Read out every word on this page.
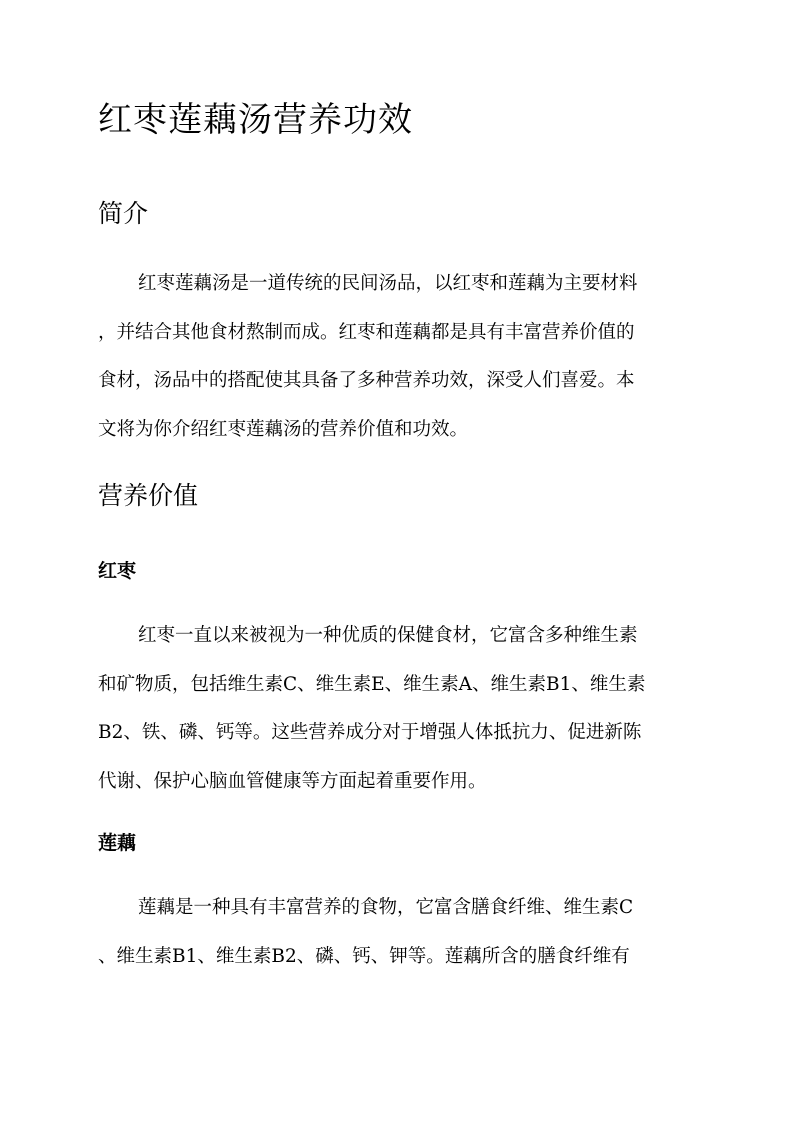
红枣莲藕汤营养功效
简介
红枣莲藕汤是一道传统的民间汤品，以红枣和莲藕为主要材料
，并结合其他食材熬制而成。红枣和莲藕都是具有丰富营养价值的
食材，汤品中的搭配使其具备了多种营养功效，深受人们喜爱。本
文将为你介绍红枣莲藕汤的营养价值和功效。
营养价值
红枣
红枣一直以来被视为一种优质的保健食材，它富含多种维生素
和矿物质，包括维生素C、维生素E、维生素A、维生素B1、维生素
B2、铁、磷、钙等。这些营养成分对于增强人体抵抗力、促进新陈
代谢、保护心脑血管健康等方面起着重要作用。
莲藕
莲藕是一种具有丰富营养的食物，它富含膳食纤维、维生素C
、维生素B1、维生素B2、磷、钙、钾等。莲藕所含的膳食纤维有
